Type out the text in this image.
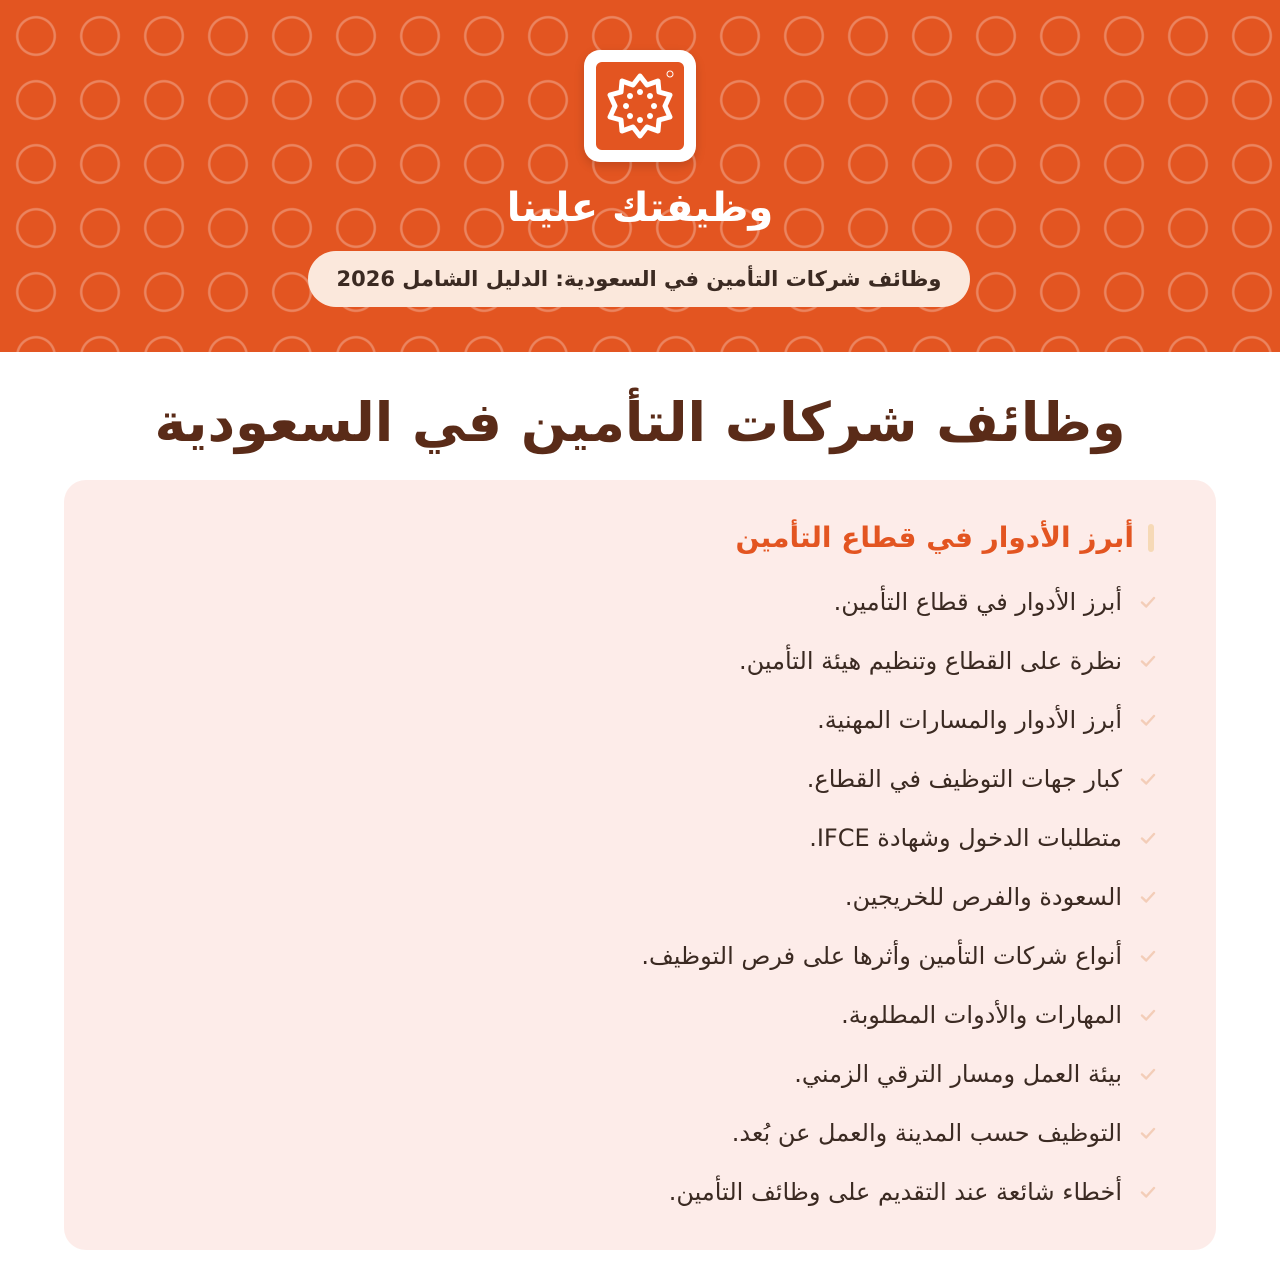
وظيفتك علينا
وظائف شركات التأمين في السعودية: الدليل الشامل 2026
وظائف شركات التأمين في السعودية
أبرز الأدوار في قطاع التأمين
أبرز الأدوار في قطاع التأمين.
نظرة على القطاع وتنظيم هيئة التأمين.
أبرز الأدوار والمسارات المهنية.
كبار جهات التوظيف في القطاع.
متطلبات الدخول وشهادة IFCE.
السعودة والفرص للخريجين.
أنواع شركات التأمين وأثرها على فرص التوظيف.
المهارات والأدوات المطلوبة.
بيئة العمل ومسار الترقي الزمني.
التوظيف حسب المدينة والعمل عن بُعد.
أخطاء شائعة عند التقديم على وظائف التأمين.
